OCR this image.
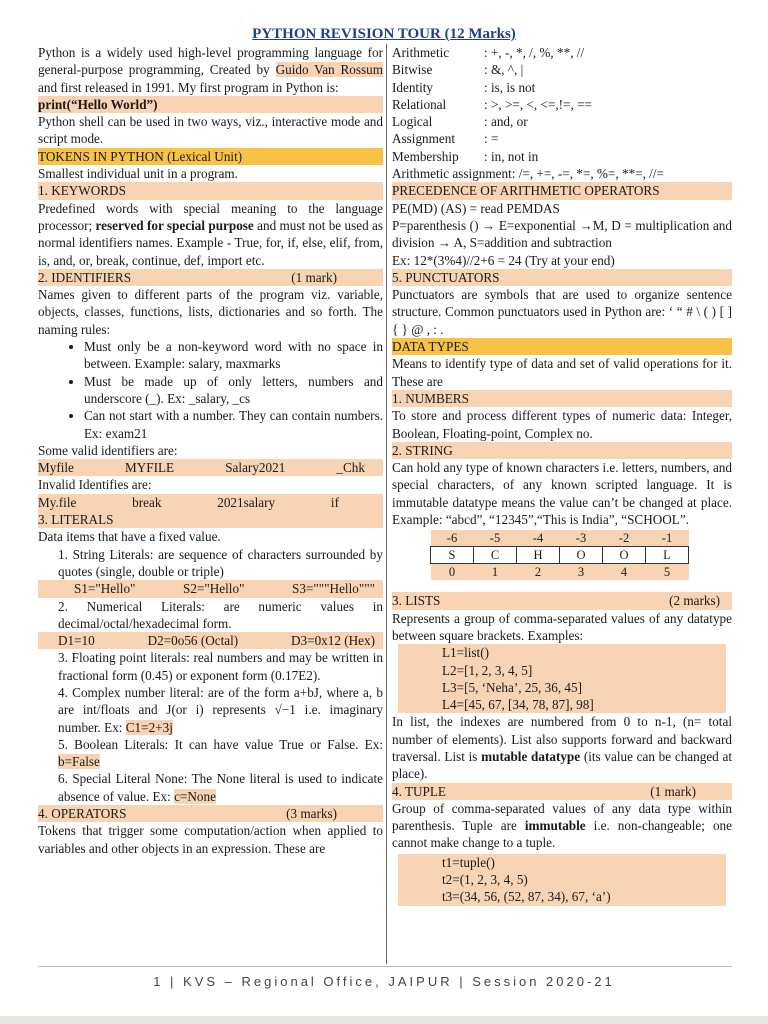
PYTHON REVISION TOUR (12 Marks)

Python is a widely used high-level programming language for general-purpose programming, Created by Guido Van Rossum and first released in 1991. My first program in Python is:

print(“Hello World”)

Python shell can be used in two ways, viz., interactive mode and script mode.

TOKENS IN PYTHON (Lexical Unit)

Smallest individual unit in a program.

1. KEYWORDS

Predefined words with special meaning to the language processor; reserved for special purpose and must not be used as normal identifiers names. Example - True, for, if, else, elif, from, is, and, or, break, continue, def, import etc.

2. IDENTIFIERS	(1 mark)

Names given to different parts of the program viz. variable, objects, classes, functions, lists, dictionaries and so forth. The naming rules:

• Must only be a non-keyword word with no space in between. Example: salary, maxmarks
• Must be made up of only letters, numbers and underscore (_). Ex: _salary, _cs
• Can not start with a number. They can contain numbers. Ex: exam21

Some valid identifiers are:

Myfile	MYFILE	Salary2021	_Chk

Invalid Identifies are:

My.file	break	2021salary	if

3. LITERALS

Data items that have a fixed value.

1. String Literals: are sequence of characters surrounded by quotes (single, double or triple)

S1="Hello"	S2="Hello"	S3="""Hello"""

2. Numerical Literals: are numeric values in decimal/octal/hexadecimal form.

D1=10	D2=0o56 (Octal)	D3=0x12 (Hex)

3. Floating point literals: real numbers and may be written in fractional form (0.45) or exponent form (0.17E2).

4. Complex number literal: are of the form a+bJ, where a, b are int/floats and J(or i) represents √−1 i.e. imaginary number. Ex: C1=2+3j

5. Boolean Literals: It can have value True or False. Ex: b=False

6. Special Literal None: The None literal is used to indicate absence of value. Ex: c=None

4. OPERATORS	(3 marks)

Tokens that trigger some computation/action when applied to variables and other objects in an expression. These are

Arithmetic	: +, -, *, /, %, **, //
Bitwise	: &, ^, |
Identity	: is, is not
Relational	: >, >=, <, <=,!=, ==
Logical	: and, or
Assignment	: =
Membership	: in, not in

Arithmetic assignment: /=, +=, -=, *=, %=, **=, //=

PRECEDENCE OF ARITHMETIC OPERATORS

PE(MD) (AS) = read PEMDAS

P=parenthesis () → E=exponential →M, D = multiplication and division → A, S=addition and subtraction

Ex: 12*(3%4)//2+6 = 24 (Try at your end)

5. PUNCTUATORS

Punctuators are symbols that are used to organize sentence structure. Common punctuators used in Python are: ‘ “ # \ ( ) [ ] { } @ , : .

DATA TYPES

Means to identify type of data and set of valid operations for it. These are

1. NUMBERS

To store and process different types of numeric data: Integer, Boolean, Floating-point, Complex no.

2. STRING

Can hold any type of known characters i.e. letters, numbers, and special characters, of any known scripted language. It is immutable datatype means the value can’t be changed at place. Example: “abcd”, “12345”,“This is India”, “SCHOOL”.

-6	-5	-4	-3	-2	-1
S	C	H	O	O	L
0	1	2	3	4	5

3. LISTS	(2 marks)

Represents a group of comma-separated values of any datatype between square brackets. Examples:

L1=list()

L2=[1, 2, 3, 4, 5]

L3=[5, ‘Neha’, 25, 36, 45]

L4=[45, 67, [34, 78, 87], 98]

In list, the indexes are numbered from 0 to n-1, (n= total number of elements). List also supports forward and backward traversal. List is mutable datatype (its value can be changed at place).

4. TUPLE	(1 mark)

Group of comma-separated values of any data type within parenthesis. Tuple are immutable i.e. non-changeable; one cannot make change to a tuple.

t1=tuple()

t2=(1, 2, 3, 4, 5)

t3=(34, 56, (52, 87, 34), 67, ‘a’)

1 | KVS – Regional Office, JAIPUR | Session 2020-21
